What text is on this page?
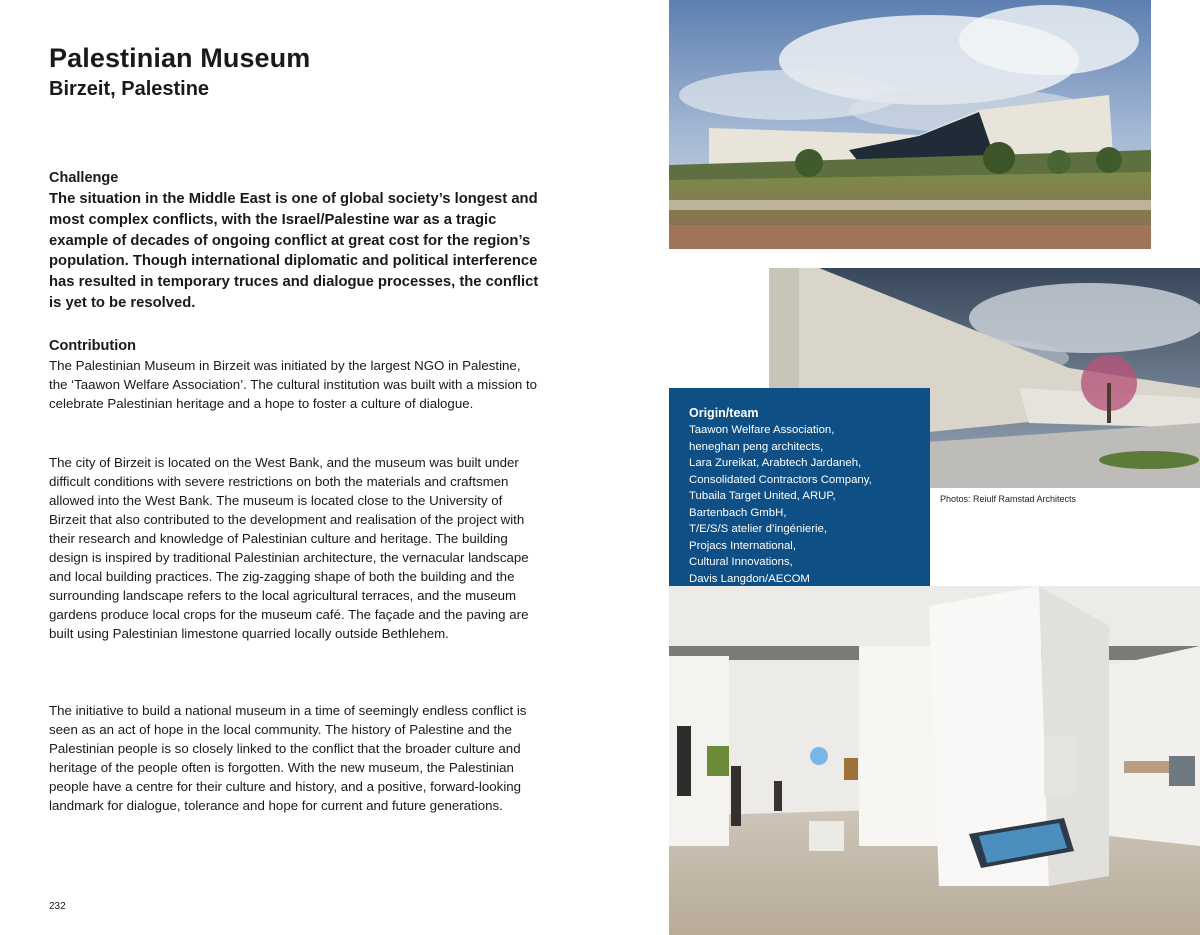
Palestinian Museum
Birzeit, Palestine
Challenge

The situation in the Middle East is one of global society’s longest and most complex conflicts, with the Israel/Palestine war as a tragic example of decades of ongoing conflict at great cost for the region’s population. Though international diplomatic and political interference has resulted in temporary truces and dialogue processes, the conflict is yet to be resolved.

Contribution

The Palestinian Museum in Birzeit was initiated by the largest NGO in Palestine, the ‘Taawon Welfare Association’. The cultural institution was built with a mission to celebrate Palestinian heritage and a hope to foster a culture of dialogue.

The city of Birzeit is located on the West Bank, and the museum was built under difficult conditions with severe restrictions on both the materials and craftsmen allowed into the West Bank. The museum is located close to the University of Birzeit that also contributed to the development and realisation of the project with their research and knowledge of Palestinian culture and heritage. The building design is inspired by traditional Palestinian architecture, the vernacular landscape and local building practices. The zig-zagging shape of both the building and the surrounding landscape refers to the local agricultural terraces, and the museum gardens produce local crops for the museum café. The façade and the paving are built using Palestinian limestone quarried locally outside Bethlehem.

The initiative to build a national museum in a time of seemingly endless conflict is seen as an act of hope in the local community. The history of Palestine and the Palestinian people is so closely linked to the conflict that the broader culture and heritage of the people often is forgotten. With the new museum, the Palestinian people have a centre for their culture and history, and a positive, forward-looking landmark for dialogue, tolerance and hope for current and future generations.

232
Origin/team
Taawon Welfare Association,
heneghan peng architects,
Lara Zureikat, Arabtech Jardaneh,
Consolidated Contractors Company,
Tubaila Target United, ARUP,
Bartenbach GmbH,
T/E/S/S atelier d’ingénierie,
Projacs International,
Cultural Innovations,
Davis Langdon/AECOM
Photos: Reiulf Ramstad Architects
